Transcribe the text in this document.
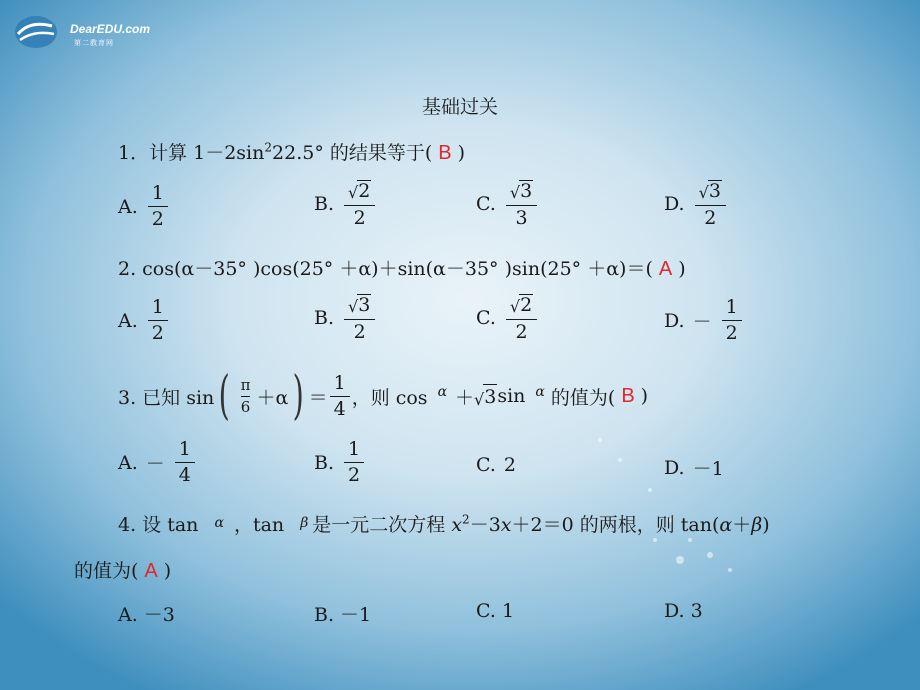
DearEDU.com
第二教育网
基础过关
1．计算 $1-2\sin^222.5^\circ$ 的结果等于( B )
A. $\frac{1}{2}$	B. $\frac{√ 2}{2}$	C. $\frac{√ 3}{3}$	D. $\frac{√ 3}{2}$
2. cos(α－35° )cos(25° ＋α)＋sin(α－35° )sin(25° ＋α)＝( A )
A. $\frac{1}{2}$	B. $\frac{√ 3}{2}$	C. $\frac{√ 2}{2}$	D. － $\frac{1}{2}$
3. 已知 sin ( $\frac{\pi}{6} +\alpha$ ) ＝ $\frac{1}{4}$ ，则 cos α ＋ √ 3 sin α 的值为( B )
A. － $\frac{1}{4}$	B. $\frac{1}{2}$	C. 2	D. －1
4. 设 tan $^\alpha$ ，tan $^\beta$ 是一元二次方程 $x^2-3x+2=0$ 的两根，则 tan(α＋β)
的值为( A )
A. －3	B. －1	C. 1	D. 3
